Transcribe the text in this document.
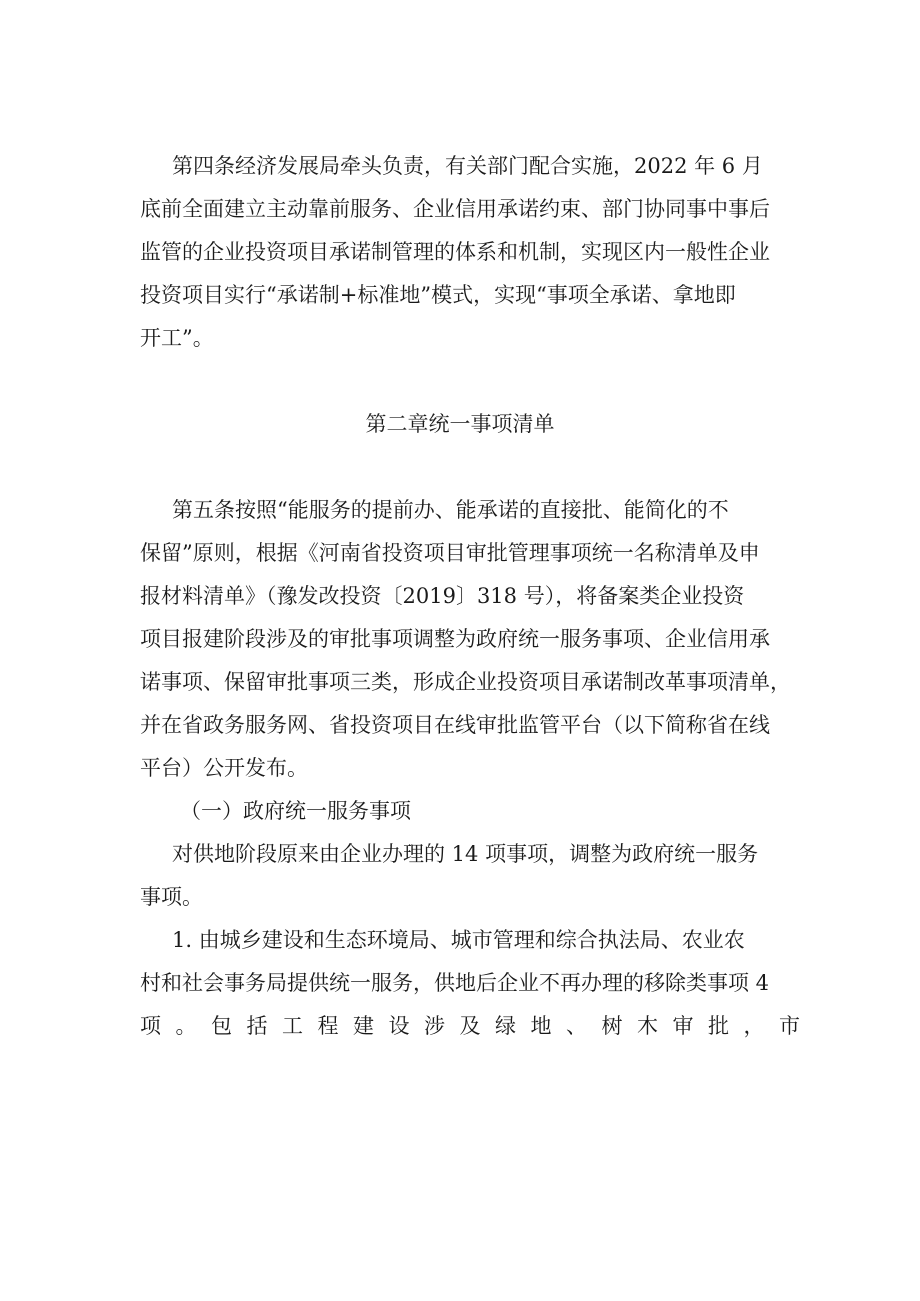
第四条经济发展局牵头负责，有关部门配合实施，2022 年 6 月
底前全面建立主动靠前服务、企业信用承诺约束、部门协同事中事后
监管的企业投资项目承诺制管理的体系和机制，实现区内一般性企业
投资项目实行“承诺制+标准地”模式，实现“事项全承诺、拿地即
开工”。
第二章统一事项清单
第五条按照“能服务的提前办、能承诺的直接批、能简化的不
保留”原则，根据《河南省投资项目审批管理事项统一名称清单及申
报材料清单》（豫发改投资〔2019〕318 号），将备案类企业投资
项目报建阶段涉及的审批事项调整为政府统一服务事项、企业信用承
诺事项、保留审批事项三类，形成企业投资项目承诺制改革事项清单，
并在省政务服务网、省投资项目在线审批监管平台（以下简称省在线
平台）公开发布。
（一）政府统一服务事项
对供地阶段原来由企业办理的 14 项事项，调整为政府统一服务
事项。
1. 由城乡建设和生态环境局、城市管理和综合执法局、农业农
村和社会事务局提供统一服务，供地后企业不再办理的移除类事项 4
项 。 包 括 工 程 建 设 涉 及 绿 地 、 树 木 审 批 ， 市
